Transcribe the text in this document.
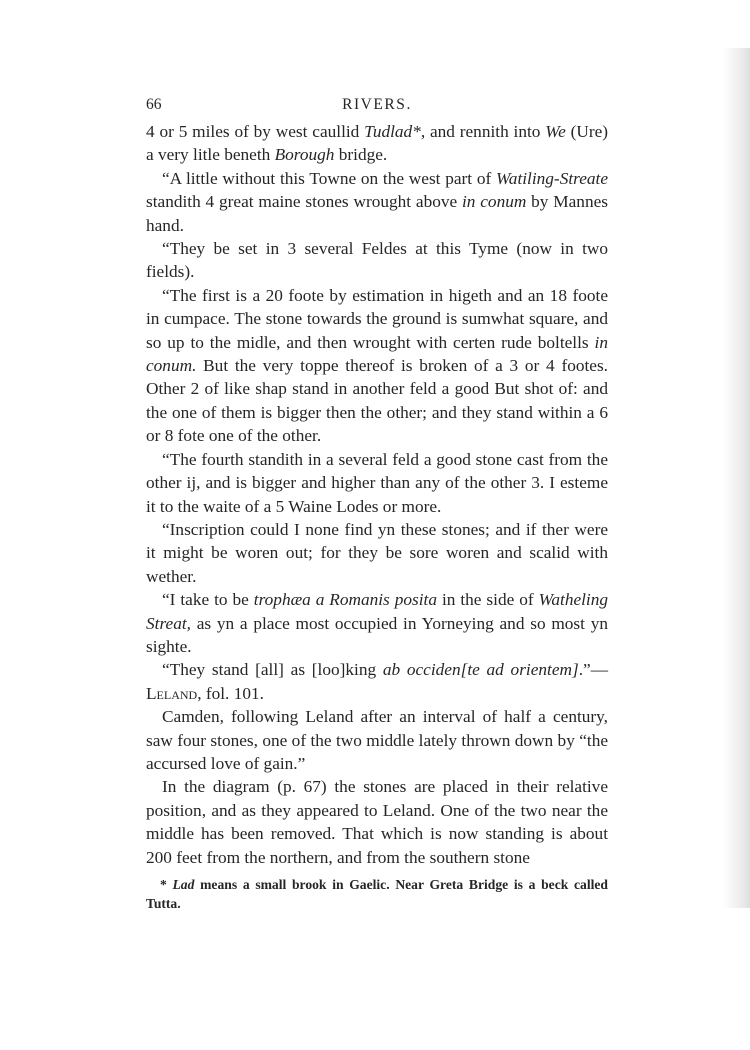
66	RIVERS.

4 or 5 miles of by west caullid Tudlad*, and rennith into We (Ure) a very litle beneth Borough bridge.

“A little without this Towne on the west part of Watiling-Streate standith 4 great maine stones wrought above in conum by Mannes hand.

“They be set in 3 several Feldes at this Tyme (now in two fields).

“The first is a 20 foote by estimation in higeth and an 18 foote in cumpace. The stone towards the ground is sumwhat square, and so up to the midle, and then wrought with certen rude boltells in conum. But the very toppe thereof is broken of a 3 or 4 footes. Other 2 of like shap stand in another feld a good But shot of: and the one of them is bigger then the other; and they stand within a 6 or 8 fote one of the other.

“The fourth standith in a several feld a good stone cast from the other ij, and is bigger and higher than any of the other 3. I esteme it to the waite of a 5 Waine Lodes or more.

“Inscription could I none find yn these stones; and if ther were it might be woren out; for they be sore woren and scalid with wether.

“I take to be trophæa a Romanis posita in the side of Watheling Streat, as yn a place most occupied in Yorneying and so most yn sighte.

“They stand [all] as [loo]king ab occiden[te ad orientem].”—Leland, fol. 101.

Camden, following Leland after an interval of half a century, saw four stones, one of the two middle lately thrown down by “the accursed love of gain.”

In the diagram (p. 67) the stones are placed in their relative position, and as they appeared to Leland. One of the two near the middle has been removed. That which is now standing is about 200 feet from the northern, and from the southern stone

* Lad means a small brook in Gaelic. Near Greta Bridge is a beck called Tutta.
